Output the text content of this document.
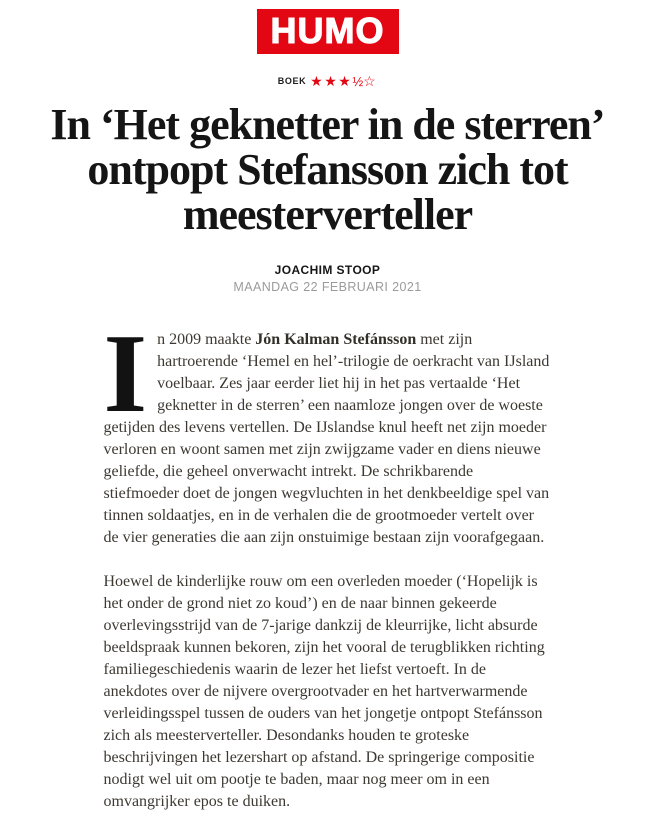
HUMO
BOEK ★★★½☆
In ‘Het geknetter in de sterren’ ontpopt Stefansson zich tot meesterverteller
JOACHIM STOOP
MAANDAG 22 FEBRUARI 2021

In 2009 maakte Jón Kalman Stefánsson met zijn hartroerende ‘Hemel en hel’-trilogie de oerkracht van IJsland voelbaar. Zes jaar eerder liet hij in het pas vertaalde ‘Het geknetter in de sterren’ een naamloze jongen over de woeste getijden des levens vertellen. De IJslandse knul heeft net zijn moeder verloren en woont samen met zijn zwijgzame vader en diens nieuwe geliefde, die geheel onverwacht intrekt. De schrikbarende stiefmoeder doet de jongen wegvluchten in het denkbeeldige spel van tinnen soldaatjes, en in de verhalen die de grootmoeder vertelt over de vier generaties die aan zijn onstuimige bestaan zijn voorafgegaan.

Hoewel de kinderlijke rouw om een overleden moeder (‘Hopelijk is het onder de grond niet zo koud’) en de naar binnen gekeerde overlevingsstrijd van de 7-jarige dankzij de kleurrijke, licht absurde beeldspraak kunnen bekoren, zijn het vooral de terugblikken richting familiegeschiedenis waarin de lezer het liefst vertoeft. In de anekdotes over de nijvere overgrootvader en het hartverwarmende verleidingsspel tussen de ouders van het jongetje ontpopt Stefánsson zich als meesterverteller. Desondanks houden te groteske beschrijvingen het lezershart op afstand. De springerige compositie nodigt wel uit om pootje te baden, maar nog meer om in een omvangrijker epos te duiken.
